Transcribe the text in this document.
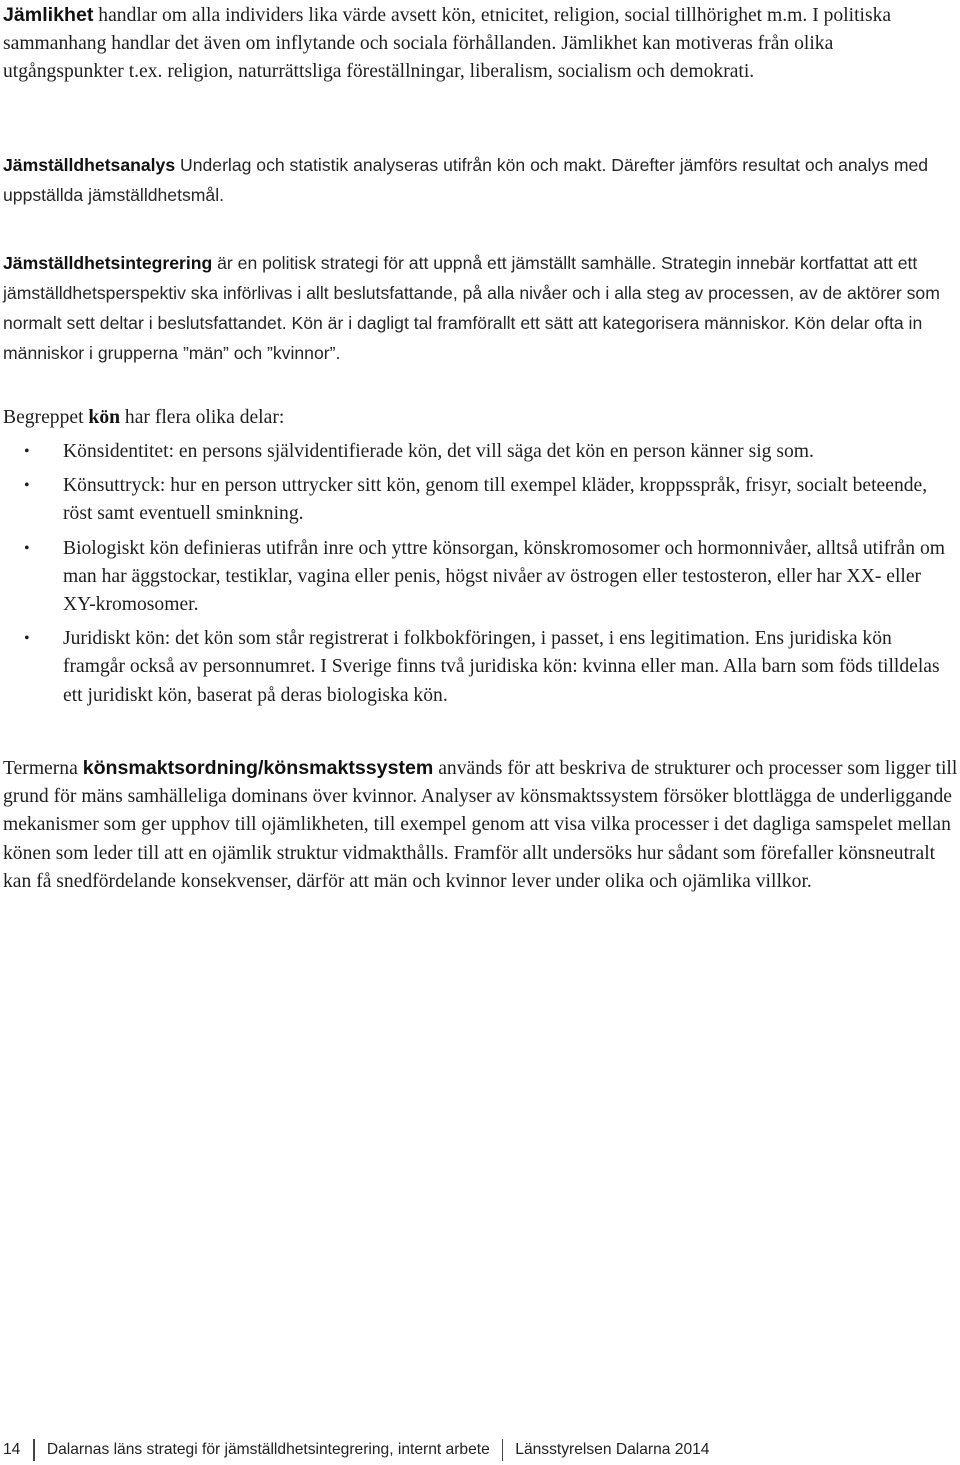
Jämlikhet handlar om alla individers lika värde avsett kön, etnicitet, religion, social tillhörighet m.m. I politiska sammanhang handlar det även om inflytande och sociala förhållanden. Jämlikhet kan motiveras från olika utgångspunkter t.ex. religion, naturrättsliga föreställningar, liberalism, socialism och demokrati.

Jämställdhetsanalys Underlag och statistik analyseras utifrån kön och makt. Därefter jämförs resultat och analys med uppställda jämställdhetsmål.

Jämställdhetsintegrering är en politisk strategi för att uppnå ett jämställt samhälle. Strategin innebär kortfattat att ett jämställdhetsperspektiv ska införlivas i allt beslutsfattande, på alla nivåer och i alla steg av processen, av de aktörer som normalt sett deltar i beslutsfattandet. Kön är i dagligt tal framförallt ett sätt att kategorisera människor. Kön delar ofta in människor i grupperna ”män” och ”kvinnor”.

Begreppet kön har flera olika delar:

• Könsidentitet: en persons självidentifierade kön, det vill säga det kön en person känner sig som.
• Könsuttryck: hur en person uttrycker sitt kön, genom till exempel kläder, kroppsspråk, frisyr, socialt beteende, röst samt eventuell sminkning.
• Biologiskt kön definieras utifrån inre och yttre könsorgan, könskromosomer och hormonnivåer, alltså utifrån om man har äggstockar, testiklar, vagina eller penis, högst nivåer av östrogen eller testosteron, eller har XX- eller XY-kromosomer.
• Juridiskt kön: det kön som står registrerat i folkbokföringen, i passet, i ens legitimation. Ens juridiska kön framgår också av personnumret. I Sverige finns två juridiska kön: kvinna eller man. Alla barn som föds tilldelas ett juridiskt kön, baserat på deras biologiska kön.

Termerna könsmaktsordning/könsmaktssystem används för att beskriva de strukturer och processer som ligger till grund för mäns samhälleliga dominans över kvinnor. Analyser av könsmaktssystem försöker blottlägga de underliggande mekanismer som ger upphov till ojämlikheten, till exempel genom att visa vilka processer i det dagliga samspelet mellan könen som leder till att en ojämlik struktur vidmakthålls. Framför allt undersöks hur sådant som förefaller könsneutralt kan få snedfördelande konsekvenser, därför att män och kvinnor lever under olika och ojämlika villkor.

14	Dalarnas läns strategi för jämställdhetsintegrering, internt arbete	Länsstyrelsen Dalarna 2014
